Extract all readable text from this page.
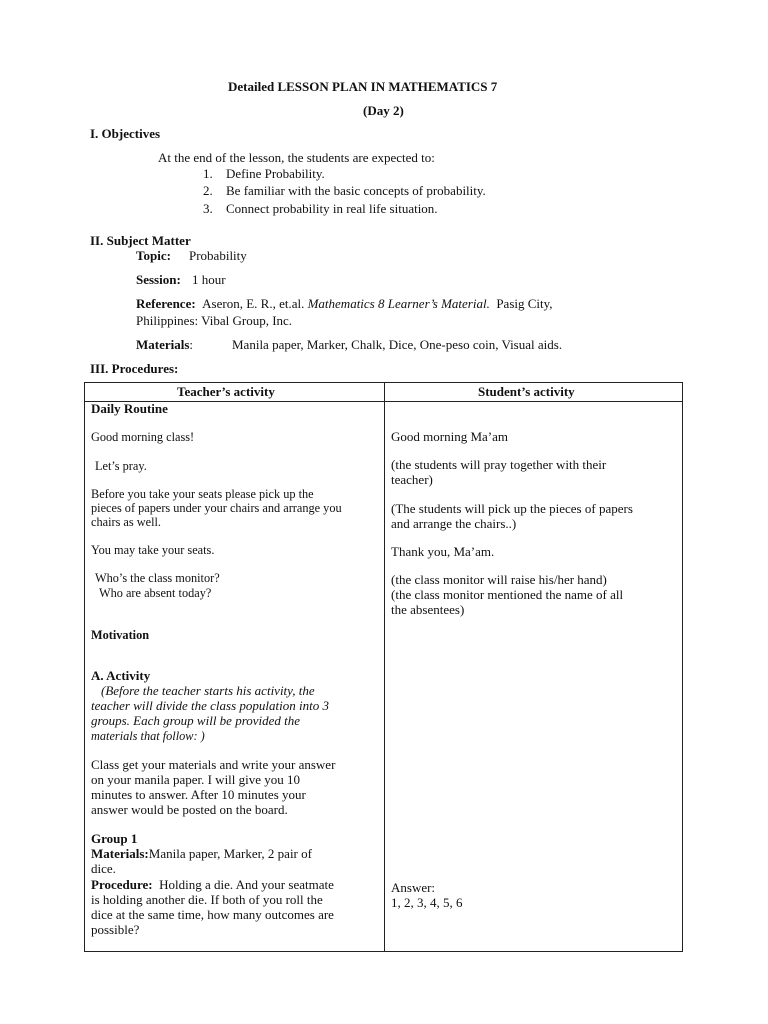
Detailed LESSON PLAN IN MATHEMATICS 7
(Day 2)
I. Objectives
At the end of the lesson, the students are expected to:
1. Define Probability.
2. Be familiar with the basic concepts of probability.
3. Connect probability in real life situation.
II. Subject Matter
Topic: Probability
Session: 1 hour
Reference: Aseron, E. R., et.al. Mathematics 8 Learner’s Material. Pasig City,
Philippines: Vibal Group, Inc.
Materials:	Manila paper, Marker, Chalk, Dice, One-peso coin, Visual aids.
III. Procedures:
Teacher’s activity	Student’s activity
Daily Routine
Good morning class!
Let’s pray.
Before you take your seats please pick up the
pieces of papers under your chairs and arrange you
chairs as well.
You may take your seats.
Who’s the class monitor?
Who are absent today?
Motivation
A. Activity
(Before the teacher starts his activity, the
teacher will divide the class population into 3
groups. Each group will be provided the
materials that follow: )
Class get your materials and write your answer
on your manila paper. I will give you 10
minutes to answer. After 10 minutes your
answer would be posted on the board.
Group 1
Materials:Manila paper, Marker, 2 pair of
dice.
Procedure: Holding a die. And your seatmate
is holding another die. If both of you roll the
dice at the same time, how many outcomes are
possible?
Good morning Ma’am
(the students will pray together with their
teacher)
(The students will pick up the pieces of papers
and arrange the chairs..)
Thank you, Ma’am.
(the class monitor will raise his/her hand)
(the class monitor mentioned the name of all
the absentees)
Answer:
1, 2, 3, 4, 5, 6
